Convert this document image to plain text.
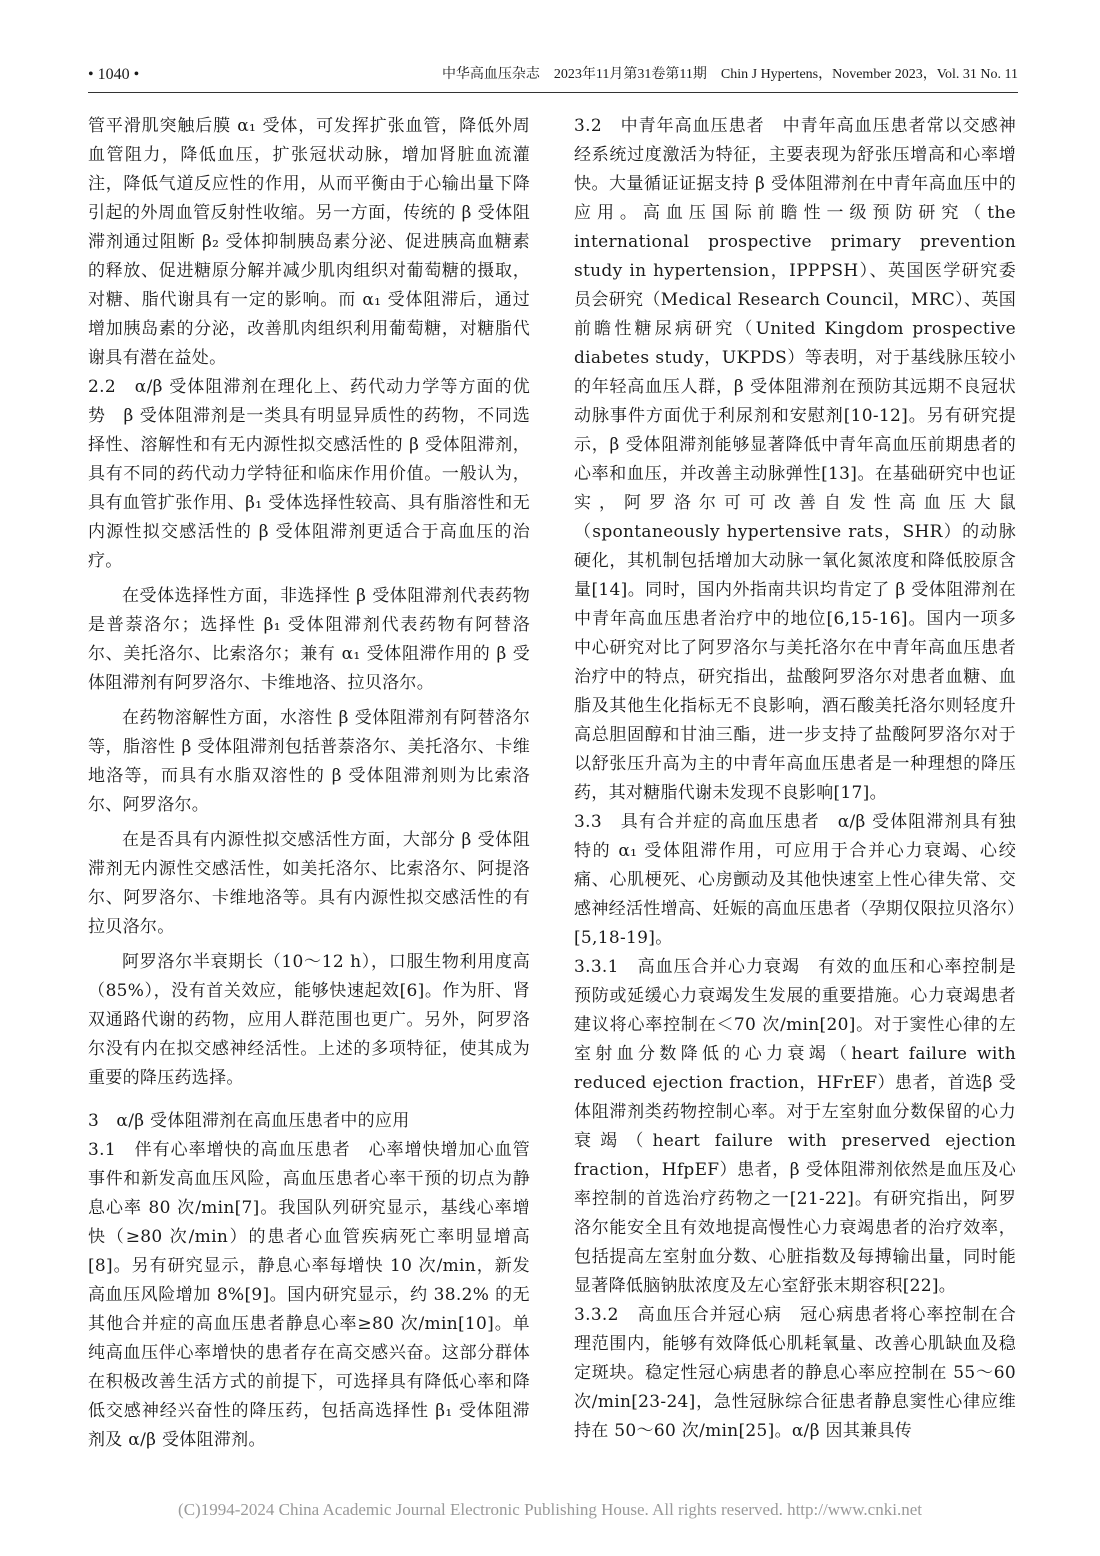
• 1040 •	中华高血压杂志　2023年11月第31卷第11期　Chin J Hypertens，November 2023，Vol. 31 No. 11

管平滑肌突触后膜 α₁ 受体，可发挥扩张血管，降低外周血管阻力，降低血压，扩张冠状动脉，增加肾脏血流灌注，降低气道反应性的作用，从而平衡由于心输出量下降引起的外周血管反射性收缩。另一方面，传统的 β 受体阻滞剂通过阻断 β₂ 受体抑制胰岛素分泌、促进胰高血糖素的释放、促进糖原分解并减少肌肉组织对葡萄糖的摄取，对糖、脂代谢具有一定的影响。而 α₁ 受体阻滞后，通过增加胰岛素的分泌，改善肌肉组织利用葡萄糖，对糖脂代谢具有潜在益处。

2.2　α/β 受体阻滞剂在理化上、药代动力学等方面的优势　β 受体阻滞剂是一类具有明显异质性的药物，不同选择性、溶解性和有无内源性拟交感活性的 β 受体阻滞剂，具有不同的药代动力学特征和临床作用价值。一般认为，具有血管扩张作用、β₁ 受体选择性较高、具有脂溶性和无内源性拟交感活性的 β 受体阻滞剂更适合于高血压的治疗。

在受体选择性方面，非选择性 β 受体阻滞剂代表药物是普萘洛尔；选择性 β₁ 受体阻滞剂代表药物有阿替洛尔、美托洛尔、比索洛尔；兼有 α₁ 受体阻滞作用的 β 受体阻滞剂有阿罗洛尔、卡维地洛、拉贝洛尔。

在药物溶解性方面，水溶性 β 受体阻滞剂有阿替洛尔等，脂溶性 β 受体阻滞剂包括普萘洛尔、美托洛尔、卡维地洛等，而具有水脂双溶性的 β 受体阻滞剂则为比索洛尔、阿罗洛尔。

在是否具有内源性拟交感活性方面，大部分 β 受体阻滞剂无内源性交感活性，如美托洛尔、比索洛尔、阿提洛尔、阿罗洛尔、卡维地洛等。具有内源性拟交感活性的有拉贝洛尔。

阿罗洛尔半衰期长（10～12 h），口服生物利用度高（85%），没有首关效应，能够快速起效[6]。作为肝、肾双通路代谢的药物，应用人群范围也更广。另外，阿罗洛尔没有内在拟交感神经活性。上述的多项特征，使其成为重要的降压药选择。

3　α/β 受体阻滞剂在高血压患者中的应用

3.1　伴有心率增快的高血压患者　心率增快增加心血管事件和新发高血压风险，高血压患者心率干预的切点为静息心率 80 次/min[7]。我国队列研究显示，基线心率增快（≥80 次/min）的患者心血管疾病死亡率明显增高[8]。另有研究显示，静息心率每增快 10 次/min，新发高血压风险增加 8%[9]。国内研究显示，约 38.2% 的无其他合并症的高血压患者静息心率≥80 次/min[10]。单纯高血压伴心率增快的患者存在高交感兴奋。这部分群体在积极改善生活方式的前提下，可选择具有降低心率和降低交感神经兴奋性的降压药，包括高选择性 β₁ 受体阻滞剂及 α/β 受体阻滞剂。

3.2　中青年高血压患者　中青年高血压患者常以交感神经系统过度激活为特征，主要表现为舒张压增高和心率增快。大量循证证据支持 β 受体阻滞剂在中青年高血压中的应用。高血压国际前瞻性一级预防研究（the international prospective primary prevention study in hypertension，IPPPSH）、英国医学研究委员会研究（Medical Research Council，MRC）、英国前瞻性糖尿病研究（United Kingdom prospective diabetes study，UKPDS）等表明，对于基线脉压较小的年轻高血压人群，β 受体阻滞剂在预防其远期不良冠状动脉事件方面优于利尿剂和安慰剂[10-12]。另有研究提示，β 受体阻滞剂能够显著降低中青年高血压前期患者的心率和血压，并改善主动脉弹性[13]。在基础研究中也证实，阿罗洛尔可可改善自发性高血压大鼠（spontaneously hypertensive rats，SHR）的动脉硬化，其机制包括增加大动脉一氧化氮浓度和降低胶原含量[14]。同时，国内外指南共识均肯定了 β 受体阻滞剂在中青年高血压患者治疗中的地位[6,15-16]。国内一项多中心研究对比了阿罗洛尔与美托洛尔在中青年高血压患者治疗中的特点，研究指出，盐酸阿罗洛尔对患者血糖、血脂及其他生化指标无不良影响，酒石酸美托洛尔则轻度升高总胆固醇和甘油三酯，进一步支持了盐酸阿罗洛尔对于以舒张压升高为主的中青年高血压患者是一种理想的降压药，其对糖脂代谢未发现不良影响[17]。

3.3　具有合并症的高血压患者　α/β 受体阻滞剂具有独特的 α₁ 受体阻滞作用，可应用于合并心力衰竭、心绞痛、心肌梗死、心房颤动及其他快速室上性心律失常、交感神经活性增高、妊娠的高血压患者（孕期仅限拉贝洛尔）[5,18-19]。

3.3.1　高血压合并心力衰竭　有效的血压和心率控制是预防或延缓心力衰竭发生发展的重要措施。心力衰竭患者建议将心率控制在＜70 次/min[20]。对于窦性心律的左室射血分数降低的心力衰竭（heart failure with reduced ejection fraction，HFrEF）患者，首选β 受体阻滞剂类药物控制心率。对于左室射血分数保留的心力衰竭（heart failure with preserved ejection fraction，HfpEF）患者，β 受体阻滞剂依然是血压及心率控制的首选治疗药物之一[21-22]。有研究指出，阿罗洛尔能安全且有效地提高慢性心力衰竭患者的治疗效率，包括提高左室射血分数、心脏指数及每搏输出量，同时能显著降低脑钠肽浓度及左心室舒张末期容积[22]。

3.3.2　高血压合并冠心病　冠心病患者将心率控制在合理范围内，能够有效降低心肌耗氧量、改善心肌缺血及稳定斑块。稳定性冠心病患者的静息心率应控制在 55～60 次/min[23-24]，急性冠脉综合征患者静息窦性心律应维持在 50～60 次/min[25]。α/β 因其兼具传

(C)1994-2024 China Academic Journal Electronic Publishing House. All rights reserved. http://www.cnki.net
